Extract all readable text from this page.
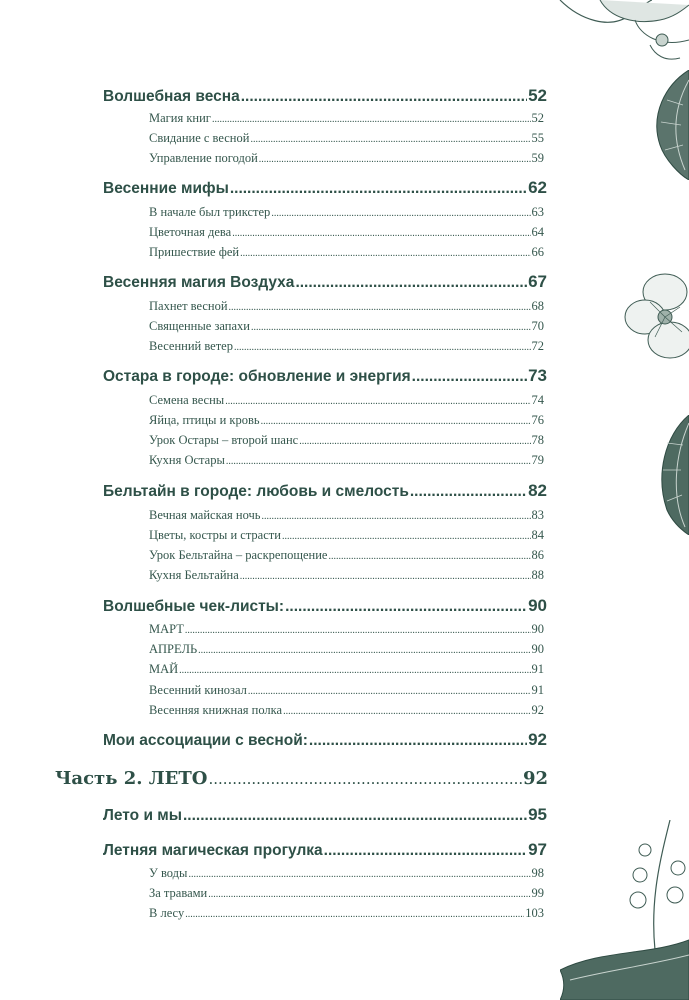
Волшебная весна .....	52
Магия книг .....	52
Свидание с весной .....	55
Управление погодой .....	59
Весенние мифы .....	62
В начале был трикстер .....	63
Цветочная дева .....	64
Пришествие фей .....	66
Весенняя магия Воздуха .....	67
Пахнет весной .....	68
Священные запахи .....	70
Весенний ветер .....	72
Остара в городе: обновление и энергия .....	73
Семена весны .....	74
Яйца, птицы и кровь .....	76
Урок Остары – второй шанс .....	78
Кухня Остары .....	79
Бельтайн в городе: любовь и смелость .....	82
Вечная майская ночь .....	83
Цветы, костры и страсти .....	84
Урок Бельтайна – раскрепощение .....	86
Кухня Бельтайна .....	88
Волшебные чек-листы: .....	90
МАРТ .....	90
АПРЕЛЬ .....	90
МАЙ .....	91
Весенний кинозал .....	91
Весенняя книжная полка .....	92
Мои ассоциации с весной: .....	92
Часть 2. ЛЕТО .....	92
Лето и мы .....	95
Летняя магическая прогулка .....	97
У воды .....	98
За травами .....	99
В лесу .....	103
